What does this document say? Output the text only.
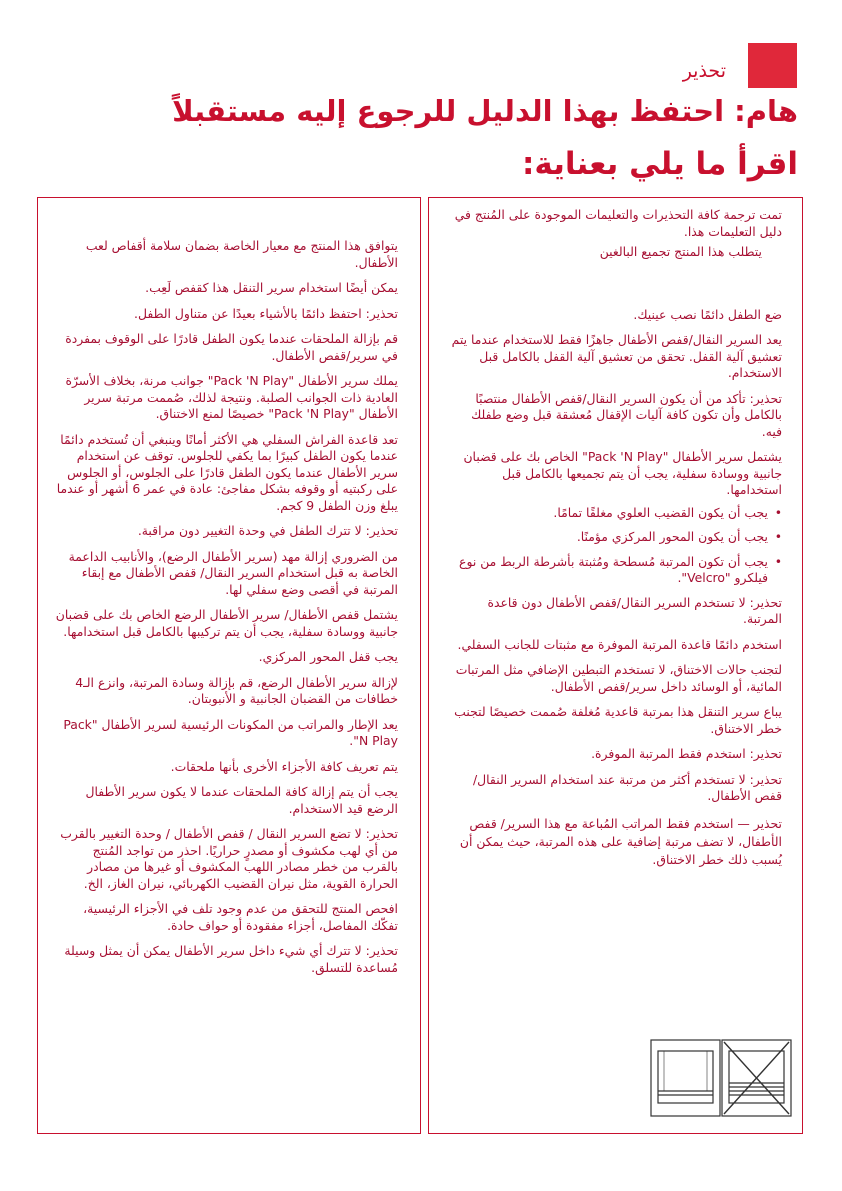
تحذير
هام: احتفظ بهذا الدليل للرجوع إليه مستقبلاً
اقرأ ما يلي بعناية:

تمت ترجمة كافة التحذيرات والتعليمات الموجودة على المُنتج في دليل التعليمات هذا.

يتطلب هذا المنتج تجميع البالغين

ضع الطفل دائمًا نصب عينيك.

يعد السرير النقال/قفص الأطفال جاهزًا فقط للاستخدام عندما يتم تعشيق آلية القفل. تحقق من تعشيق آلية القفل بالكامل قبل الاستخدام.

تحذير: تأكد من أن يكون السرير النقال/قفص الأطفال منتصبًا بالكامل وأن تكون كافة آليات الإقفال مُعشقة قبل وضع طفلك فيه.

يشتمل سرير الأطفال "Pack 'N Play" الخاص بك على قضبان جانبية ووسادة سفلية، يجب أن يتم تجميعها بالكامل قبل استخدامها.

• يجب أن يكون القضيب العلوي مغلقًا تمامًا.
• يجب أن يكون المحور المركزي مؤمنًا.
• يجب أن تكون المرتبة مُسطحة ومُثبتة بأشرطة الربط من نوع فيلكرو "Velcro".

تحذير: لا تستخدم السرير النقال/قفص الأطفال دون قاعدة المرتبة.

استخدم دائمًا قاعدة المرتبة الموفرة مع مثبتات للجانب السفلي.

لتجنب حالات الاختناق، لا تستخدم التبطين الإضافي مثل المرتبات المائية، أو الوسائد داخل سرير/قفص الأطفال.

يباع سرير التنقل هذا بمرتبة قاعدية مُغلفة صُممت خصيصًا لتجنب خطر الاختناق.

تحذير: استخدم فقط المرتبة الموفرة.

تحذير: لا تستخدم أكثر من مرتبة عند استخدام السرير النقال/قفص الأطفال.

تحذير — استخدم فقط المراتب المُباعة مع هذا السرير/ قفص الأطفال، لا تضف مرتبة إضافية على هذه المرتبة، حيث يمكن أن يُسبب ذلك خطر الاختناق.

يتوافق هذا المنتج مع معيار الخاصة بضمان سلامة أقفاص لعب الأطفال.

يمكن أيضًا استخدام سرير التنقل هذا كقفص لَعِب.

تحذير: احتفظ دائمًا بالأشياء بعيدًا عن متناول الطفل.

قم بإزالة الملحقات عندما يكون الطفل قادرًا على الوقوف بمفردة في سرير/قفص الأطفال.

يملك سرير الأطفال "Pack 'N Play" جوانب مرنة، بخلاف الأسرّة العادية ذات الجوانب الصلبة. ونتيجة لذلك، صُممت مرتبة سرير الأطفال "Pack 'N Play" خصيصًا لمنع الاختناق.

تعد قاعدة الفراش السفلي هي الأكثر أمانًا وينبغي أن تُستخدم دائمًا عندما يكون الطفل كبيرًا بما يكفي للجلوس. توقف عن استخدام سرير الأطفال عندما يكون الطفل قادرًا على الجلوس، أو الجلوس على ركبتيه أو وقوفه بشكل مفاجئ: عادة في عمر 6 أشهر أو عندما يبلغ وزن الطفل 9 كجم.

تحذير: لا تترك الطفل في وحدة التغيير دون مراقبة.

من الضروري إزالة مهد (سرير الأطفال الرضع)، والأنابيب الداعمة الخاصة به قبل استخدام السرير النقال/ قفص الأطفال مع إبقاء المرتبة في أقصى وضع سفلي لها.

يشتمل قفص الأطفال/ سرير الأطفال الرضع الخاص بك على قضبان جانبية ووسادة سفلية، يجب أن يتم تركيبها بالكامل قبل استخدامها.

يجب قفل المحور المركزي.

لإزالة سرير الأطفال الرضع، قم بإزالة وسادة المرتبة، وانزع الـ4 خطافات من القضبان الجانبية و الأنبوبتان.

يعد الإطار والمراتب من المكونات الرئيسية لسرير الأطفال "Pack N Play".

يتم تعريف كافة الأجزاء الأخرى بأنها ملحقات.

يجب أن يتم إزالة كافة الملحقات عندما لا يكون سرير الأطفال الرضع قيد الاستخدام.

تحذير: لا تضع السرير النقال / قفص الأطفال / وحدة التغيير بالقرب من أي لهب مكشوف أو مصدرٍ حراريًا. احذر من تواجد المُنتج بالقرب من خطر مصادر اللهب المكشوف أو غيرها من مصادر الحرارة القوية، مثل نيران القضيب الكهربائي، نيران الغاز، الخ.

افحص المنتج للتحقق من عدم وجود تلف في الأجزاء الرئيسية، تفكّك المفاصل، أجزاء مفقودة أو حواف حادة.

تحذير: لا تترك أي شيء داخل سرير الأطفال يمكن أن يمثل وسيلة مُساعدة للتسلق.
